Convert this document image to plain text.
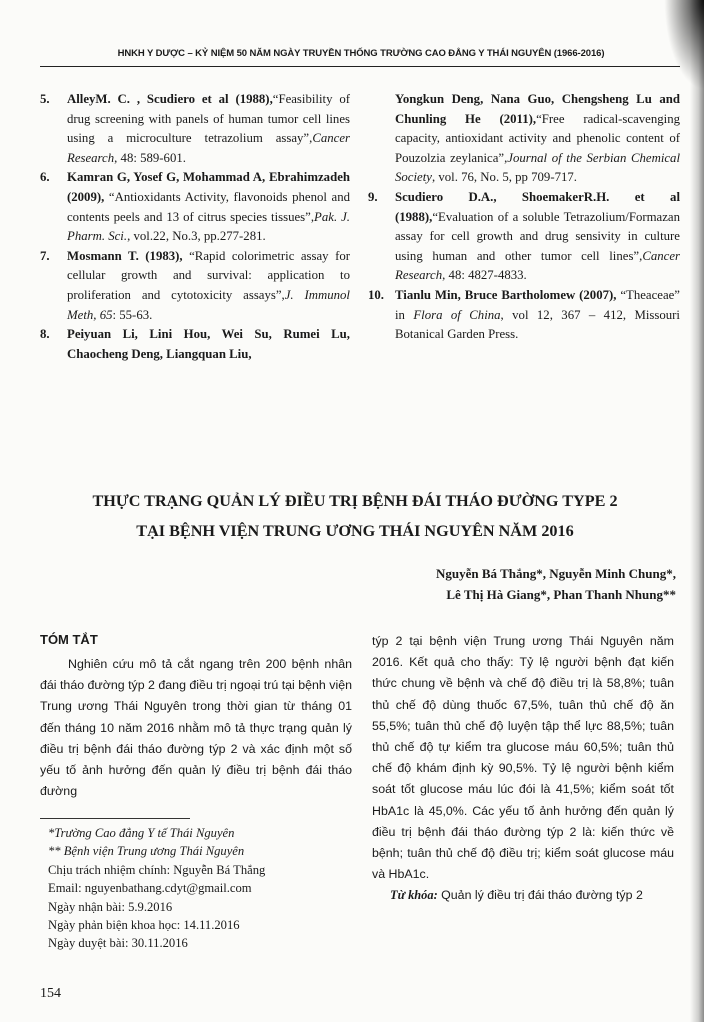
HNKH Y DƯỢC – KỶ NIỆM 50 NĂM NGÀY TRUYỀN THỐNG TRƯỜNG CAO ĐẲNG Y THÁI NGUYÊN (1966-2016)
5. AlleyM. C. , Scudiero et al (1988),“Feasibility of drug screening with panels of human tumor cell lines using a microculture tetrazolium assay”,Cancer Research, 48: 589-601.
6. Kamran G, Yosef G, Mohammad A, Ebrahimzadeh (2009), “Antioxidants Activity, flavonoids phenol and contents peels and 13 of citrus species tissues”,Pak. J. Pharm. Sci., vol.22, No.3, pp.277-281.
7. Mosmann T. (1983), “Rapid colorimetric assay for cellular growth and survival: application to proliferation and cytotoxicity assays”,J. Immunol Meth, 65: 55-63.
8. Peiyuan Li, Lini Hou, Wei Su, Rumei Lu, Chaocheng Deng, Liangquan Liu,
Yongkun Deng, Nana Guo, Chengsheng Lu and Chunling He (2011),“Free radical-scavenging capacity, antioxidant activity and phenolic content of Pouzolzia zeylanica”,Journal of the Serbian Chemical Society, vol. 76, No. 5, pp 709-717.
9. Scudiero D.A., ShoemakerR.H. et al (1988),“Evaluation of a soluble Tetrazolium/Formazan assay for cell growth and drug sensivity in culture using human and other tumor cell lines”,Cancer Research, 48: 4827-4833.
10. Tianlu Min, Bruce Bartholomew (2007), “Theaceae” in Flora of China, vol 12, 367 – 412, Missouri Botanical Garden Press.
THỰC TRẠNG QUẢN LÝ ĐIỀU TRỊ BỆNH ĐÁI THÁO ĐƯỜNG TYPE 2
TẠI BỆNH VIỆN TRUNG ƯƠNG THÁI NGUYÊN NĂM 2016
Nguyễn Bá Thắng*, Nguyễn Minh Chung*,
Lê Thị Hà Giang*, Phan Thanh Nhung**
TÓM TẮT
Nghiên cứu mô tả cắt ngang trên 200 bệnh nhân đái tháo đường týp 2 đang điều trị ngoại trú tại bệnh viện Trung ương Thái Nguyên trong thời gian từ tháng 01 đến tháng 10 năm 2016 nhằm mô tả thực trạng quản lý điều trị bệnh đái tháo đường týp 2 và xác định một số yếu tố ảnh hưởng đến quản lý điều trị bệnh đái tháo đường
týp 2 tại bệnh viện Trung ương Thái Nguyên năm 2016. Kết quả cho thấy: Tỷ lệ người bệnh đạt kiến thức chung về bệnh và chế độ điều trị là 58,8%; tuân thủ chế độ dùng thuốc 67,5%, tuân thủ chế độ ăn 55,5%; tuân thủ chế độ luyện tập thể lực 88,5%; tuân thủ chế độ tự kiểm tra glucose máu 60,5%; tuân thủ chế độ khám định kỳ 90,5%. Tỷ lệ người bệnh kiểm soát tốt glucose máu lúc đói là 41,5%; kiểm soát tốt HbA1c là 45,0%. Các yếu tố ảnh hưởng đến quản lý điều trị bệnh đái tháo đường týp 2 là: kiến thức về bệnh; tuân thủ chế độ điều trị; kiểm soát glucose máu và HbA1c.
Từ khóa: Quản lý điều trị đái tháo đường týp 2
*Trường Cao đẳng Y tế Thái Nguyên
** Bệnh viện Trung ương Thái Nguyên
Chịu trách nhiệm chính: Nguyễn Bá Thắng
Email: nguyenbathang.cdyt@gmail.com
Ngày nhận bài: 5.9.2016
Ngày phản biện khoa học: 14.11.2016
Ngày duyệt bài: 30.11.2016
154
